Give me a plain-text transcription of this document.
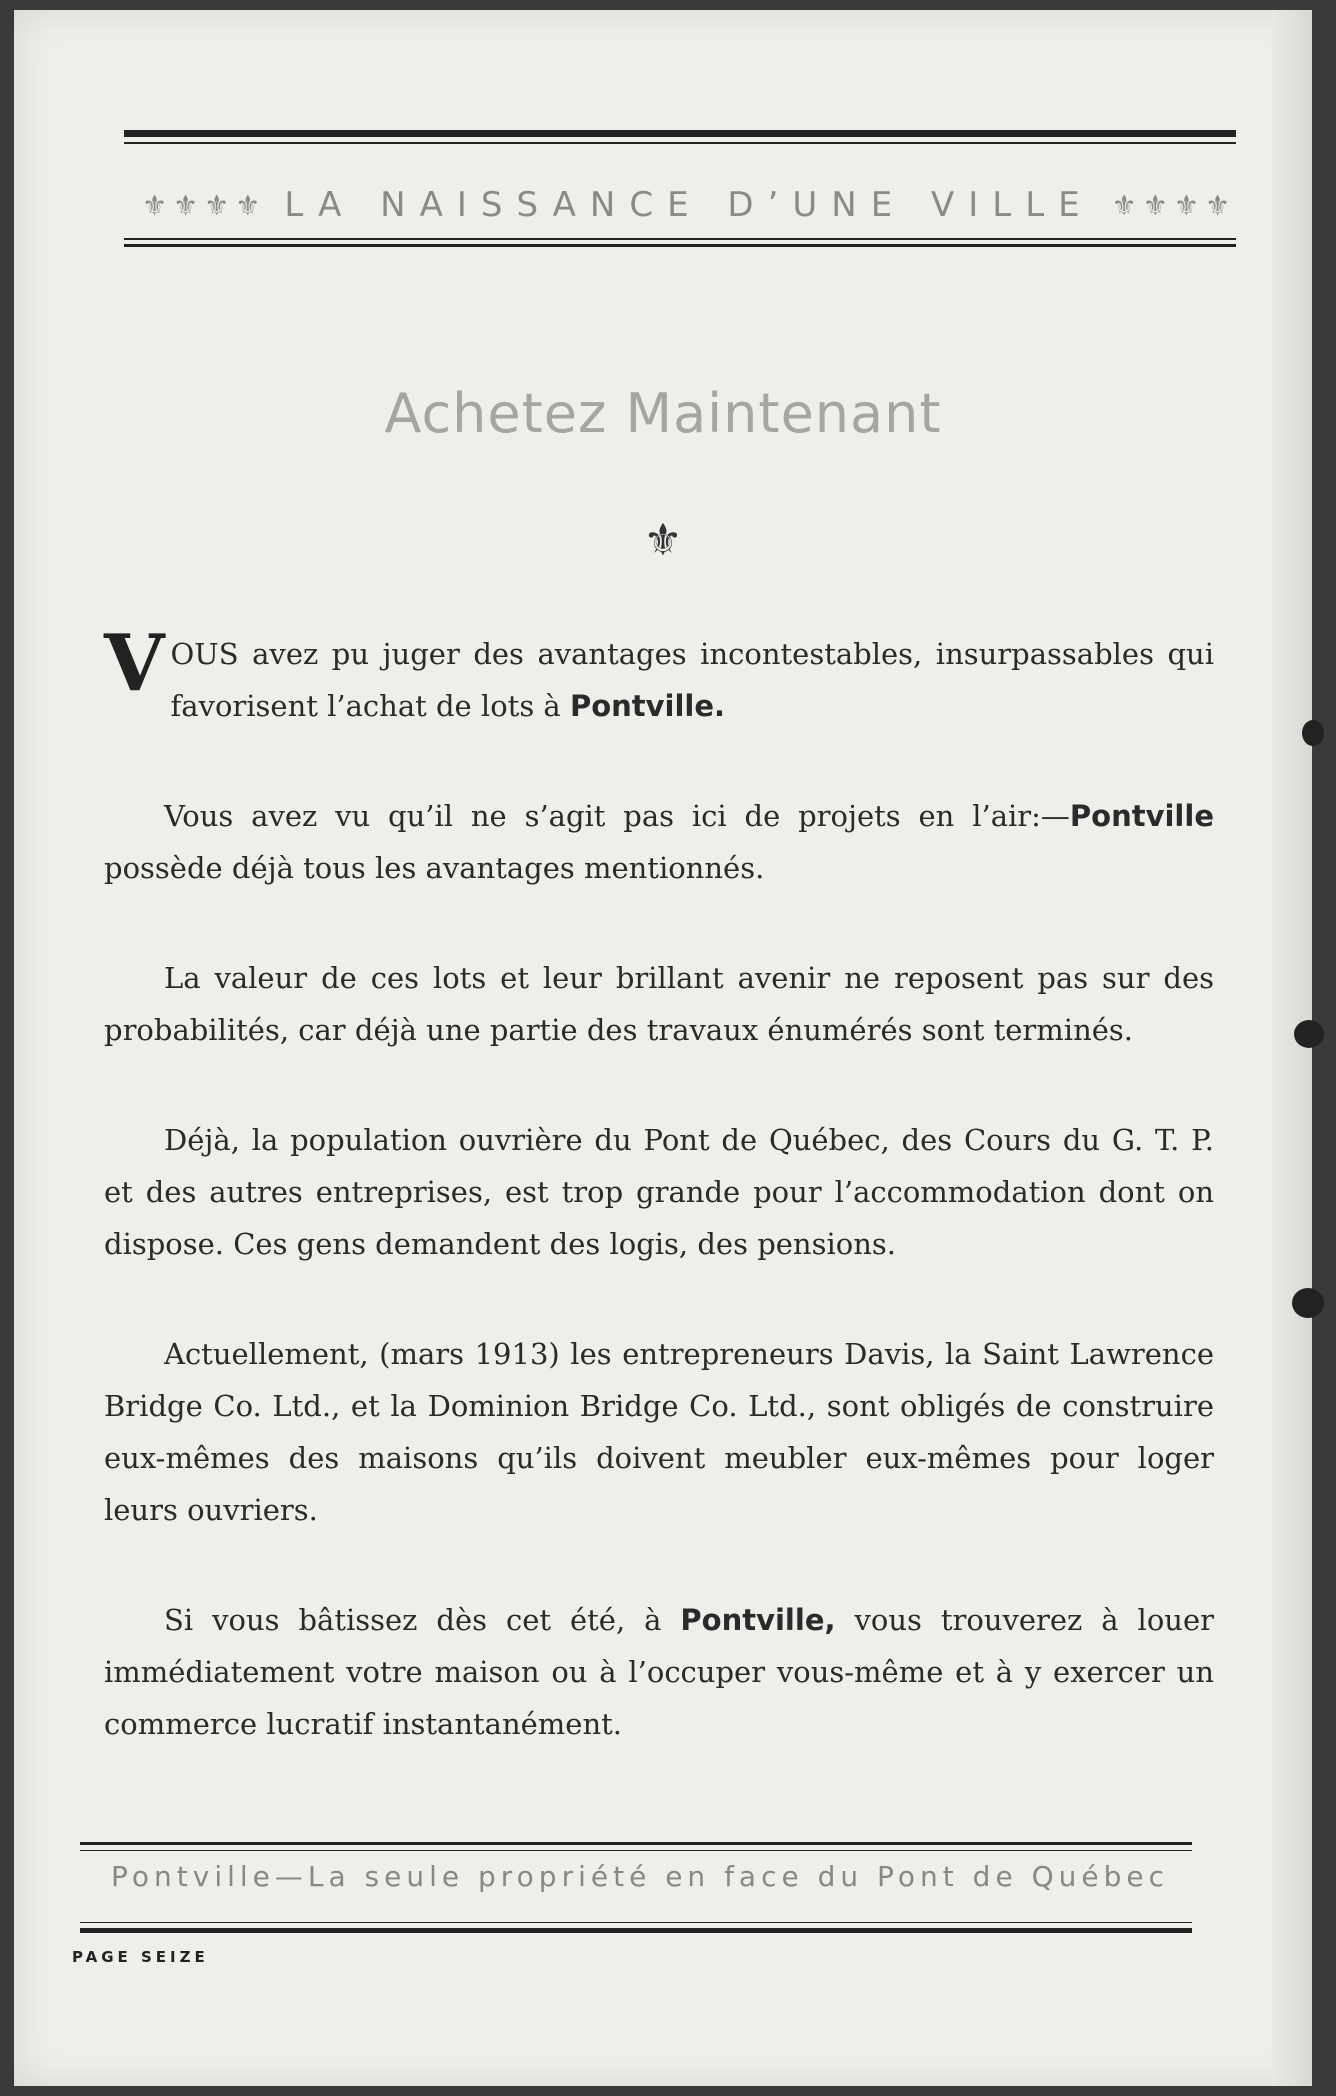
⚜⚜⚜⚜ LA NAISSANCE D’UNE VILLE ⚜⚜⚜⚜
Achetez Maintenant
⚜

VOUS avez pu juger des avantages incontestables, insurpassables qui favorisent l’achat de lots à Pontville.

Vous avez vu qu’il ne s’agit pas ici de projets en l’air:—Pontville possède déjà tous les avantages mentionnés.

La valeur de ces lots et leur brillant avenir ne reposent pas sur des probabilités, car déjà une partie des travaux énumérés sont terminés.

Déjà, la population ouvrière du Pont de Québec, des Cours du G. T. P. et des autres entreprises, est trop grande pour l’accommodation dont on dispose. Ces gens demandent des logis, des pensions.

Actuellement, (mars 1913) les entrepreneurs Davis, la Saint Lawrence Bridge Co. Ltd., et la Dominion Bridge Co. Ltd., sont obligés de construire eux-mêmes des maisons qu’ils doivent meubler eux-mêmes pour loger leurs ouvriers.

Si vous bâtissez dès cet été, à Pontville, vous trouverez à louer immédiatement votre maison ou à l’occuper vous-même et à y exercer un commerce lucratif instantanément.

Pontville—La seule propriété en face du Pont de Québec
PAGE SEIZE
